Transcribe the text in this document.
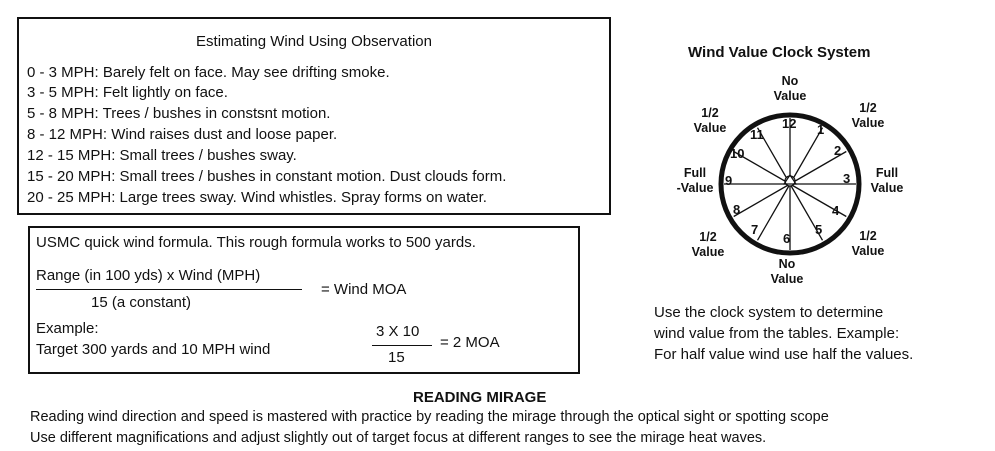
Estimating Wind Using Observation
0 - 3 MPH: Barely felt on face. May see drifting smoke.
3 - 5 MPH: Felt lightly on face.
5 - 8 MPH: Trees / bushes in constsnt motion.
8 - 12 MPH: Wind raises dust and loose paper.
12 - 15 MPH: Small trees / bushes sway.
15 - 20 MPH: Small trees / bushes in constant motion. Dust clouds form.
20 - 25 MPH: Large trees sway. Wind whistles. Spray forms on water.
USMC quick wind formula. This rough formula works to 500 yards.
Range (in 100 yds) x Wind (MPH)
15 (a constant)
= Wind MOA
Example:
Target 300 yards and 10 MPH wind
3 X 10
15
= 2 MOA
Wind Value Clock System
12 1
2
3
4
5
6
7
8
9
10
11
No
Value
1/2
Value
Full
Value
1/2
Value
No
Value
1/2
Value
Full
-Value
1/2
Value
Use the clock system to determine
wind value from the tables. Example:
For half value wind use half the values.
READING MIRAGE
Reading wind direction and speed is mastered with practice by reading the mirage through the optical sight or spotting scope
Use different magnifications and adjust slightly out of target focus at different ranges to see the mirage heat waves.
